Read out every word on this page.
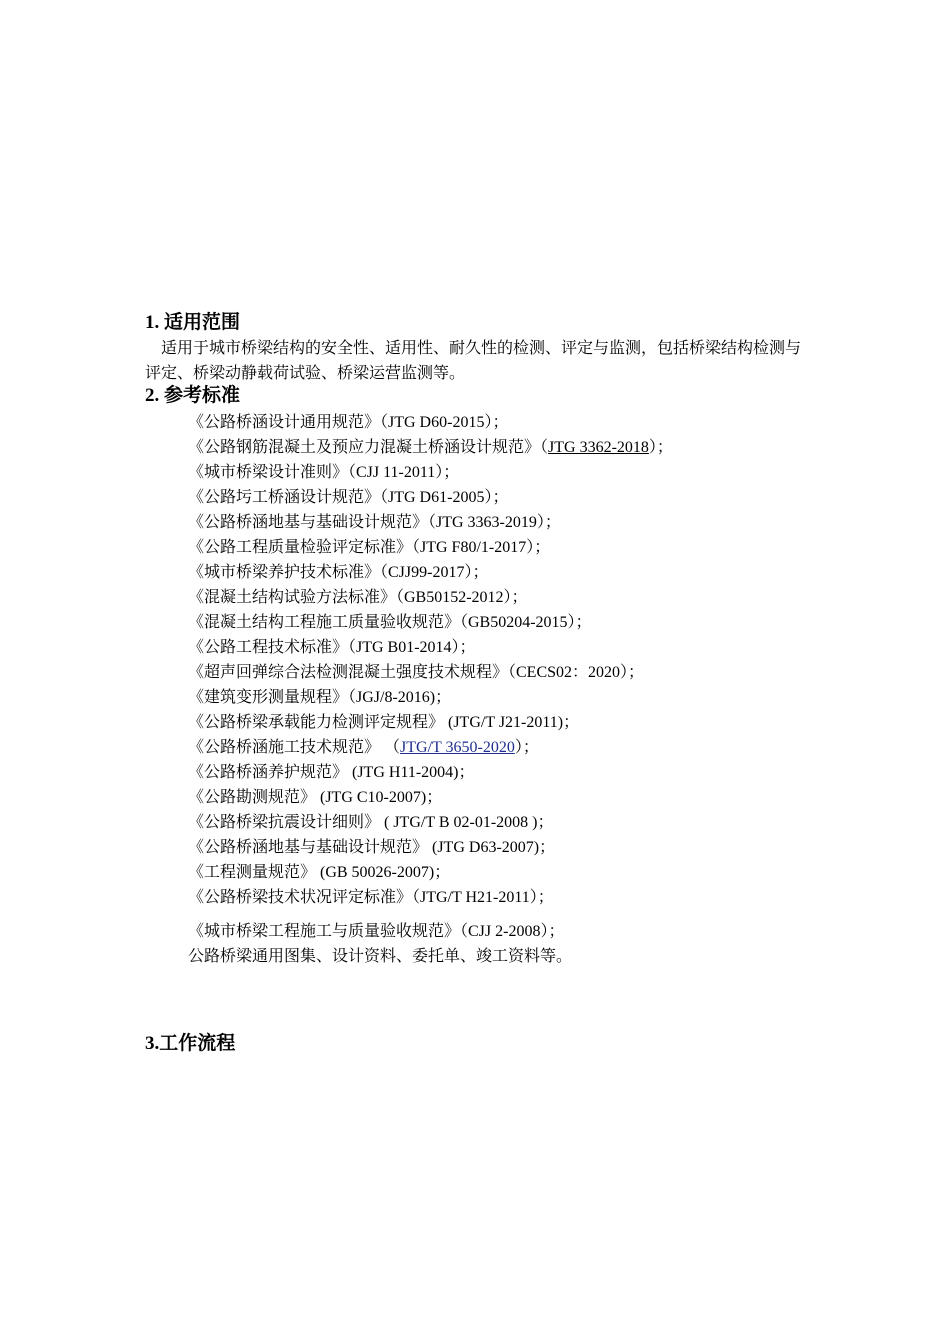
1. 适用范围
适用于城市桥梁结构的安全性、适用性、耐久性的检测、评定与监测，包括桥梁结构检测与评定、桥梁动静载荷试验、桥梁运营监测等。
2. 参考标准
《公路桥涵设计通用规范》（JTG D60-2015）；
《公路钢筋混凝土及预应力混凝土桥涵设计规范》（JTG 3362-2018）；
《城市桥梁设计准则》（CJJ 11-2011）；
《公路圬工桥涵设计规范》（JTG D61-2005）；
《公路桥涵地基与基础设计规范》（JTG 3363-2019）；
《公路工程质量检验评定标准》（JTG F80/1-2017）；
《城市桥梁养护技术标准》（CJJ99-2017）；
《混凝土结构试验方法标准》（GB50152-2012）；
《混凝土结构工程施工质量验收规范》（GB50204-2015）；
《公路工程技术标准》（JTG B01-2014）；
《超声回弹综合法检测混凝土强度技术规程》（CECS02：2020）；
《建筑变形测量规程》（JGJ/8-2016)；
《公路桥梁承载能力检测评定规程》 (JTG/T J21-2011)；
《公路桥涵施工技术规范》 （JTG/T 3650-2020）；
《公路桥涵养护规范》 (JTG H11-2004)；
《公路勘测规范》 (JTG C10-2007)；
《公路桥梁抗震设计细则》 ( JTG/T B 02-01-2008 )；
《公路桥涵地基与基础设计规范》 (JTG D63-2007)；
《工程测量规范》 (GB 50026-2007)；
《公路桥梁技术状况评定标准》（JTG/T H21-2011）；
《城市桥梁工程施工与质量验收规范》（CJJ 2-2008）；
公路桥梁通用图集、设计资料、委托单、竣工资料等。
3.工作流程
